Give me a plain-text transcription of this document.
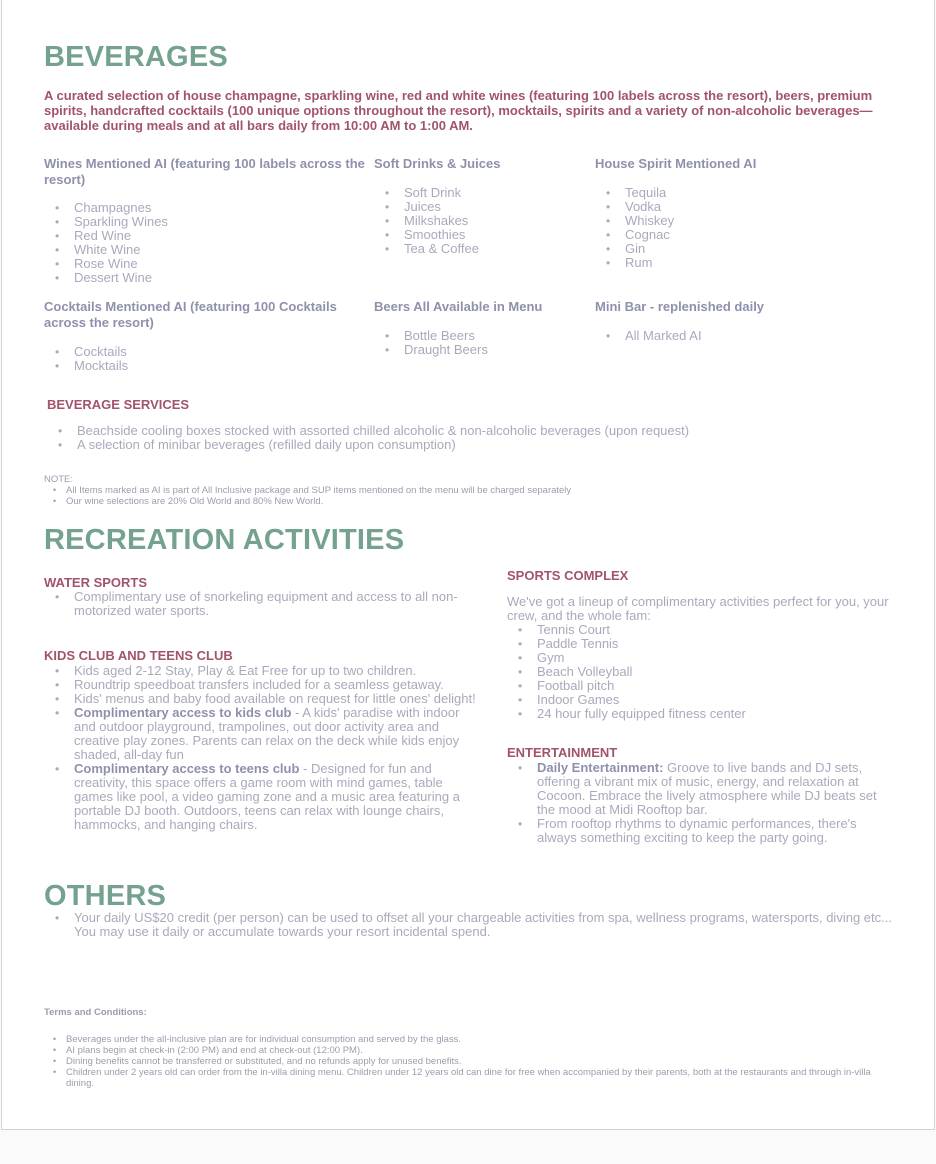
BEVERAGES

A curated selection of house champagne, sparkling wine, red and white wines (featuring 100 labels across the resort), beers, premium spirits, handcrafted cocktails (100 unique options throughout the resort), mocktails, spirits and a variety of non-alcoholic beverages—available during meals and at all bars daily from 10:00 AM to 1:00 AM.

Wines Mentioned AI (featuring 100 labels across the resort)

• Champagnes
• Sparkling Wines
• Red Wine
• White Wine
• Rose Wine
• Dessert Wine

Soft Drinks & Juices

• Soft Drink
• Juices
• Milkshakes
• Smoothies
• Tea & Coffee

House Spirit Mentioned AI

• Tequila
• Vodka
• Whiskey
• Cognac
• Gin
• Rum

Cocktails Mentioned AI (featuring 100 Cocktails across the resort)

• Cocktails
• Mocktails

Beers All Available in Menu

• Bottle Beers
• Draught Beers

Mini Bar - replenished daily

• All Marked AI

BEVERAGE SERVICES

• Beachside cooling boxes stocked with assorted chilled alcoholic & non-alcoholic beverages (upon request)
• A selection of minibar beverages (refilled daily upon consumption)

NOTE:

• All Items marked as AI is part of All Inclusive package and SUP items mentioned on the menu will be charged separately
• Our wine selections are 20% Old World and 80% New World.
RECREATION ACTIVITIES

WATER SPORTS

• Complimentary use of snorkeling equipment and access to all non-motorized water sports.

KIDS CLUB AND TEENS CLUB

• Kids aged 2-12 Stay, Play & Eat Free for up to two children.
• Roundtrip speedboat transfers included for a seamless getaway.
• Kids' menus and baby food available on request for little ones' delight!
• Complimentary access to kids club - A kids' paradise with indoor and outdoor playground, trampolines, out door activity area and creative play zones. Parents can relax on the deck while kids enjoy shaded, all-day fun
• Complimentary access to teens club - Designed for fun and creativity, this space offers a game room with mind games, table games like pool, a video gaming zone and a music area featuring a portable DJ booth. Outdoors, teens can relax with lounge chairs, hammocks, and hanging chairs.

SPORTS COMPLEX

We've got a lineup of complimentary activities perfect for you, your crew, and the whole fam:

• Tennis Court
• Paddle Tennis
• Gym
• Beach Volleyball
• Football pitch
• Indoor Games
• 24 hour fully equipped fitness center

ENTERTAINMENT

• Daily Entertainment: Groove to live bands and DJ sets, offering a vibrant mix of music, energy, and relaxation at Cocoon. Embrace the lively atmosphere while DJ beats set the mood at Midi Rooftop bar.
• From rooftop rhythms to dynamic performances, there's always something exciting to keep the party going.
OTHERS
• Your daily US$20 credit (per person) can be used to offset all your chargeable activities from spa, wellness programs, watersports, diving etc... You may use it daily or accumulate towards your resort incidental spend.

Terms and Conditions:

• Beverages under the all-inclusive plan are for individual consumption and served by the glass.
• AI plans begin at check-in (2:00 PM) and end at check-out (12:00 PM).
• Dining benefits cannot be transferred or substituted, and no refunds apply for unused benefits.
• Children under 2 years old can order from the in-villa dining menu. Children under 12 years old can dine for free when accompanied by their parents, both at the restaurants and through in-villa dining.
